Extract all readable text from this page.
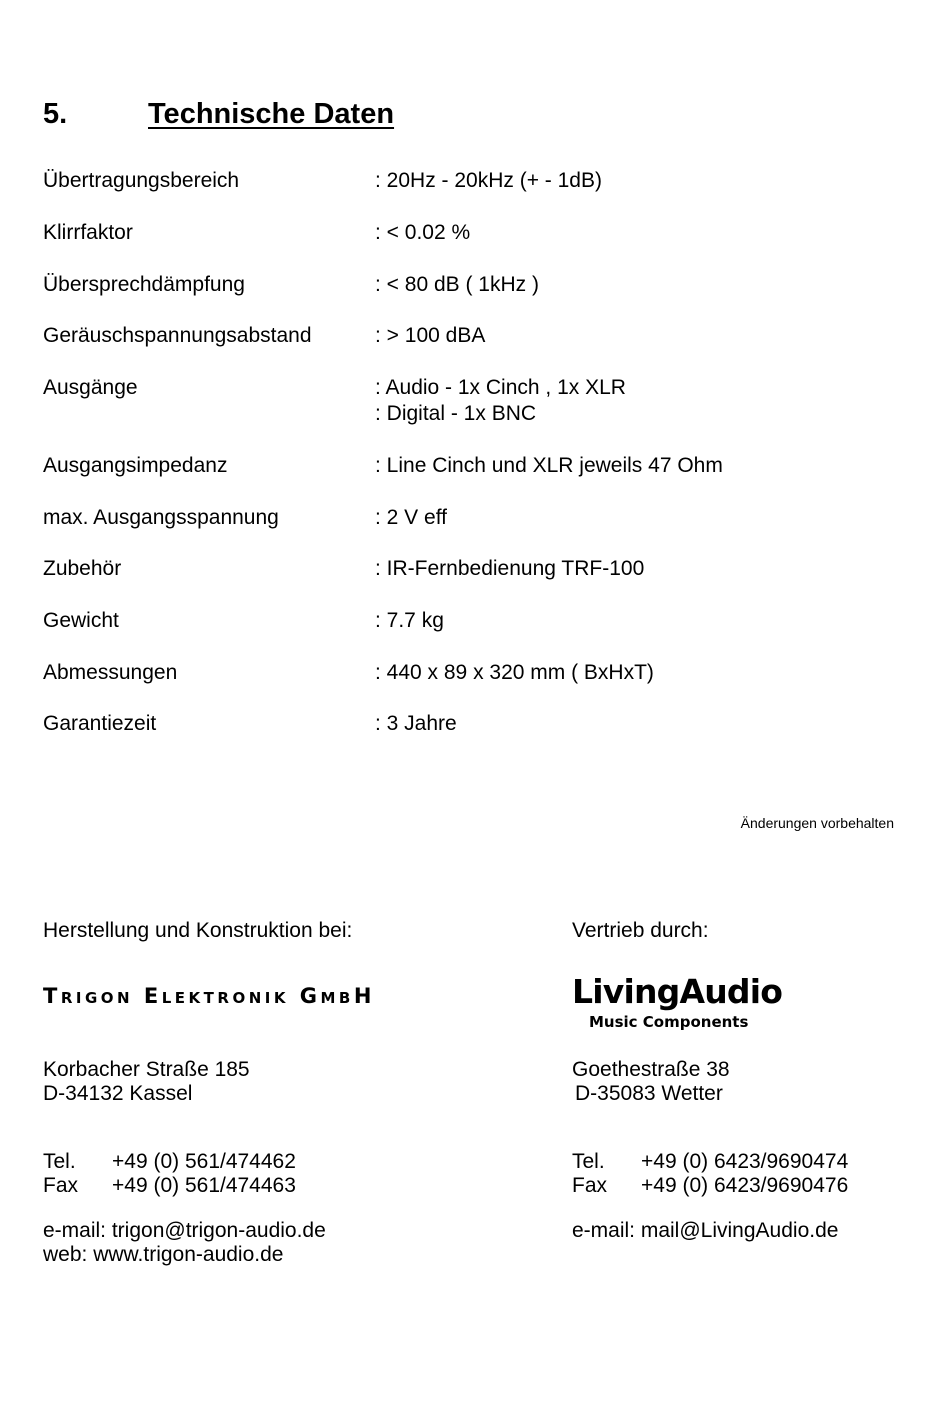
5.	Technische Daten
Übertragungsbereich	: 20Hz - 20kHz (+ - 1dB)
Klirrfaktor	: < 0.02 %
Übersprechdämpfung	: < 80 dB ( 1kHz )
Geräuschspannungsabstand	: > 100 dBA
Ausgänge	: Audio - 1x Cinch , 1x XLR
: Digital - 1x BNC
Ausgangsimpedanz	: Line Cinch und XLR jeweils 47 Ohm
max. Ausgangsspannung	: 2 V eff
Zubehör	: IR-Fernbedienung TRF-100
Gewicht	: 7.7 kg
Abmessungen	: 440 x 89 x 320 mm ( BxHxT)
Garantiezeit	: 3 Jahre
Änderungen vorbehalten
Herstellung und Konstruktion bei:
Trigon Elektronik GmbH
Korbacher Straße 185
D-34132 Kassel
Tel. +49 (0) 561/474462
Fax +49 (0) 561/474463
e-mail: trigon@trigon-audio.de
web: www.trigon-audio.de
Vertrieb durch:
LivingAudio
Music Components
Goethestraße 38
D-35083 Wetter
Tel. +49 (0) 6423/9690474
Fax +49 (0) 6423/9690476
e-mail: mail@LivingAudio.de
